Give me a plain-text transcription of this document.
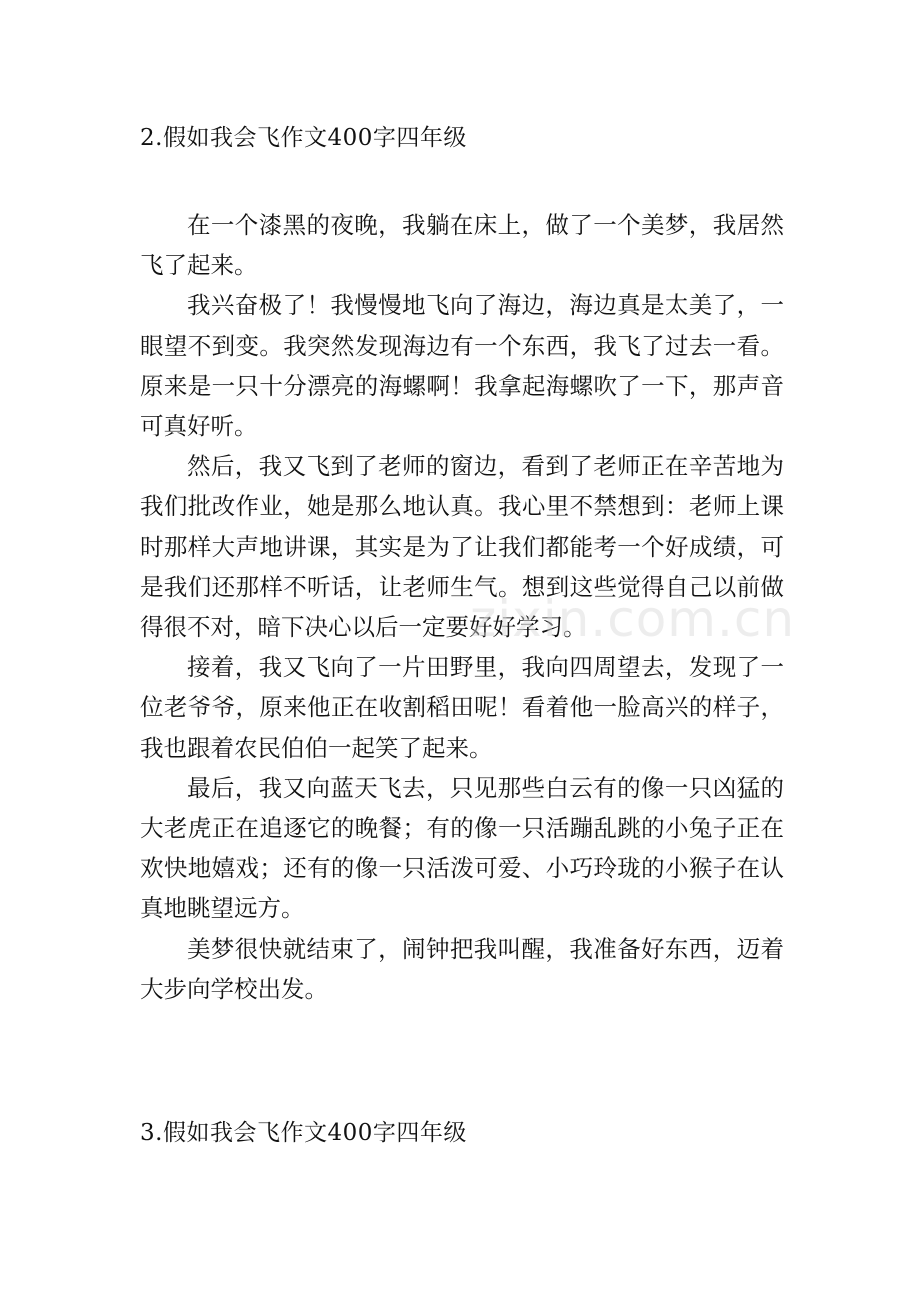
2.假如我会飞作文400字四年级

在一个漆黑的夜晚，我躺在床上，做了一个美梦，我居然飞了起来。

我兴奋极了！我慢慢地飞向了海边，海边真是太美了，一眼望不到变。我突然发现海边有一个东西，我飞了过去一看。原来是一只十分漂亮的海螺啊！我拿起海螺吹了一下，那声音可真好听。

然后，我又飞到了老师的窗边，看到了老师正在辛苦地为我们批改作业，她是那么地认真。我心里不禁想到：老师上课时那样大声地讲课，其实是为了让我们都能考一个好成绩，可是我们还那样不听话，让老师生气。想到这些觉得自己以前做得很不对，暗下决心以后一定要好好学习。

接着，我又飞向了一片田野里，我向四周望去，发现了一位老爷爷，原来他正在收割稻田呢！看着他一脸高兴的样子，我也跟着农民伯伯一起笑了起来。

最后，我又向蓝天飞去，只见那些白云有的像一只凶猛的大老虎正在追逐它的晚餐；有的像一只活蹦乱跳的小兔子正在欢快地嬉戏；还有的像一只活泼可爱、小巧玲珑的小猴子在认真地眺望远方。

美梦很快就结束了，闹钟把我叫醒，我准备好东西，迈着大步向学校出发。

3.假如我会飞作文400字四年级
zixin.com.cn
